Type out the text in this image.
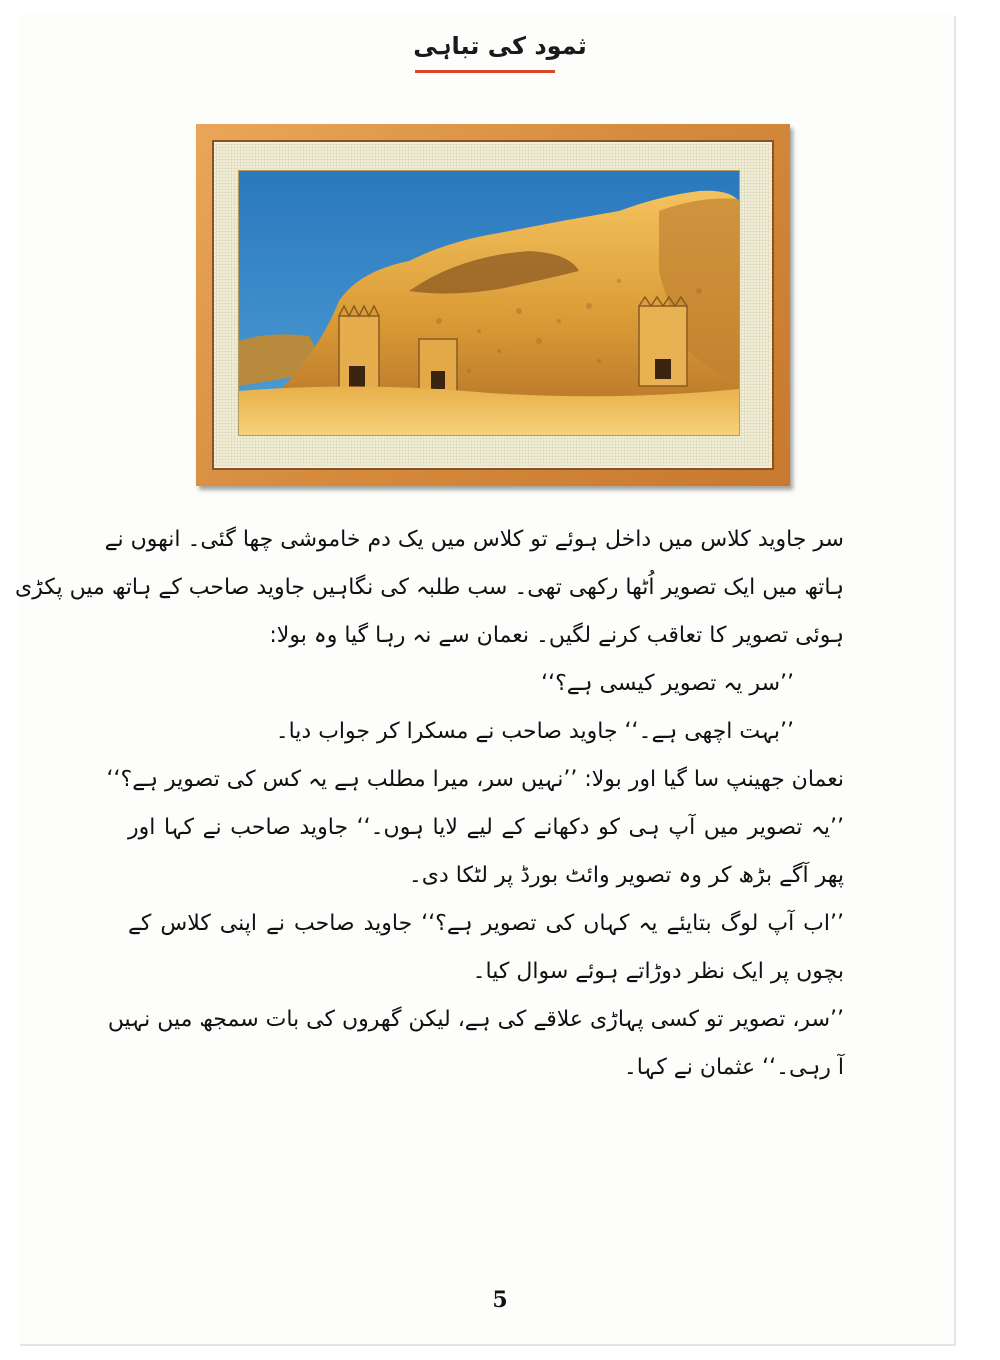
ثمود کی تباہی
سر جاوید کلاس میں داخل ہوئے تو کلاس میں یک دم خاموشی چھا گئی۔ انھوں نے
ہاتھ میں ایک تصویر اُٹھا رکھی تھی۔ سب طلبہ کی نگاہیں جاوید صاحب کے ہاتھ میں پکڑی
ہوئی تصویر کا تعاقب کرنے لگیں۔ نعمان سے نہ رہا گیا وہ بولا:
’’سر یہ تصویر کیسی ہے؟‘‘
’’بہت اچھی ہے۔‘‘ جاوید صاحب نے مسکرا کر جواب دیا۔
نعمان جھینپ سا گیا اور بولا: ’’نہیں سر، میرا مطلب ہے یہ کس کی تصویر ہے؟‘‘
’’یہ تصویر میں آپ ہی کو دکھانے کے لیے لایا ہوں۔‘‘ جاوید صاحب نے کہا اور
پھر آگے بڑھ کر وہ تصویر وائٹ بورڈ پر لٹکا دی۔
’’اب آپ لوگ بتایئے یہ کہاں کی تصویر ہے؟‘‘ جاوید صاحب نے اپنی کلاس کے
بچوں پر ایک نظر دوڑاتے ہوئے سوال کیا۔
’’سر، تصویر تو کسی پہاڑی علاقے کی ہے، لیکن گھروں کی بات سمجھ میں نہیں
آ رہی۔‘‘ عثمان نے کہا۔
5
